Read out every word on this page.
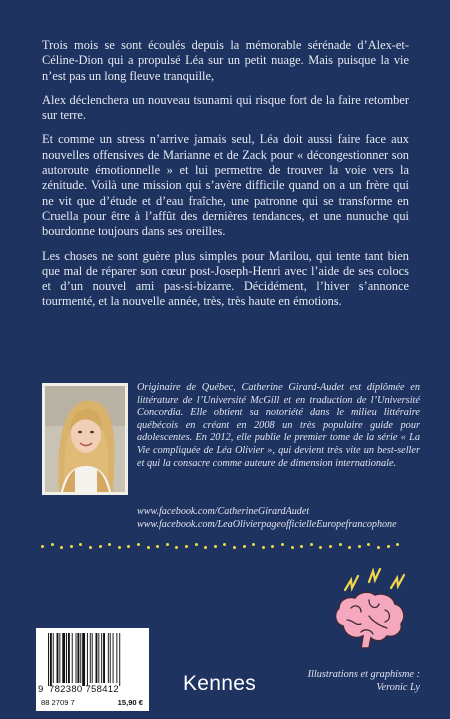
Trois mois se sont écoulés depuis la mémorable sérénade d’Alex-et-Céline-Dion qui a propulsé Léa sur un petit nuage. Mais puisque la vie n’est pas un long fleuve tranquille,

Alex déclenchera un nouveau tsunami qui risque fort de la faire retomber sur terre.

Et comme un stress n’arrive jamais seul, Léa doit aussi faire face aux nouvelles offensives de Marianne et de Zack pour « décongestionner son autoroute émotionnelle » et lui permettre de trouver la voie vers la zénitude. Voilà une mission qui s’avère difficile quand on a un frère qui ne vit que d’étude et d’eau fraîche, une patronne qui se transforme en Cruella pour être à l’affût des dernières tendances, et une nunuche qui bourdonne toujours dans ses oreilles.

Les choses ne sont guère plus simples pour Marilou, qui tente tant bien que mal de réparer son cœur post-Joseph-Henri avec l’aide de ses colocs et d’un nouvel ami pas-si-bizarre. Décidément, l’hiver s’annonce tourmenté, et la nouvelle année, très, très haute en émotions.

Originaire de Québec, Catherine Girard-Audet est diplômée en littérature de l’Université McGill et en traduction de l’Université Concordia. Elle obtient sa notoriété dans le milieu littéraire québécois en créant en 2008 un très populaire guide pour adolescentes. En 2012, elle publie le premier tome de la série « La Vie compliquée de Léa Olivier », qui devient très vite un best-seller et qui la consacre comme auteure de dimension internationale.
www.facebook.com/CatherineGirardAudet
www.facebook.com/LeaOlivierpageofficielleEuropefrancophone
9 782380 758412
88 2709 7	15,90 €
Kennes	Illustrations et graphisme :
Veronic Ly
